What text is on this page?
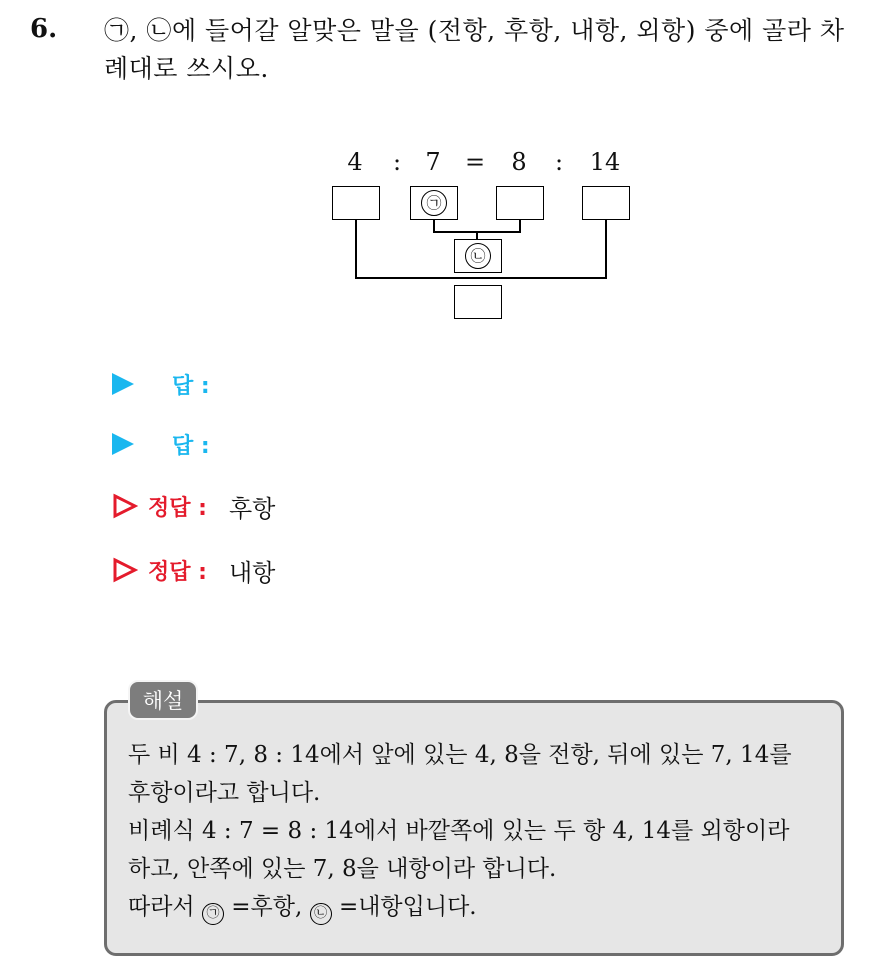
6. ㉠, ㉡에 들어갈 알맞은 말을 (전항, 후항, 내항, 외항) 중에 골라 차례대로 쓰시오.
4	:	7	=	8	:	14
㉠
㉡
답 :
답 :
정답 : 후항
정답 : 내항
해설
두 비 4 : 7, 8 : 14에서 앞에 있는 4, 8을 전항, 뒤에 있는 7, 14를
후항이라고 합니다.
비례식 4 : 7 = 8 : 14에서 바깥쪽에 있는 두 항 4, 14를 외항이라
하고, 안쪽에 있는 7, 8을 내항이라 합니다.
따라서 ㉠ =후항, ㉡ =내항입니다.
